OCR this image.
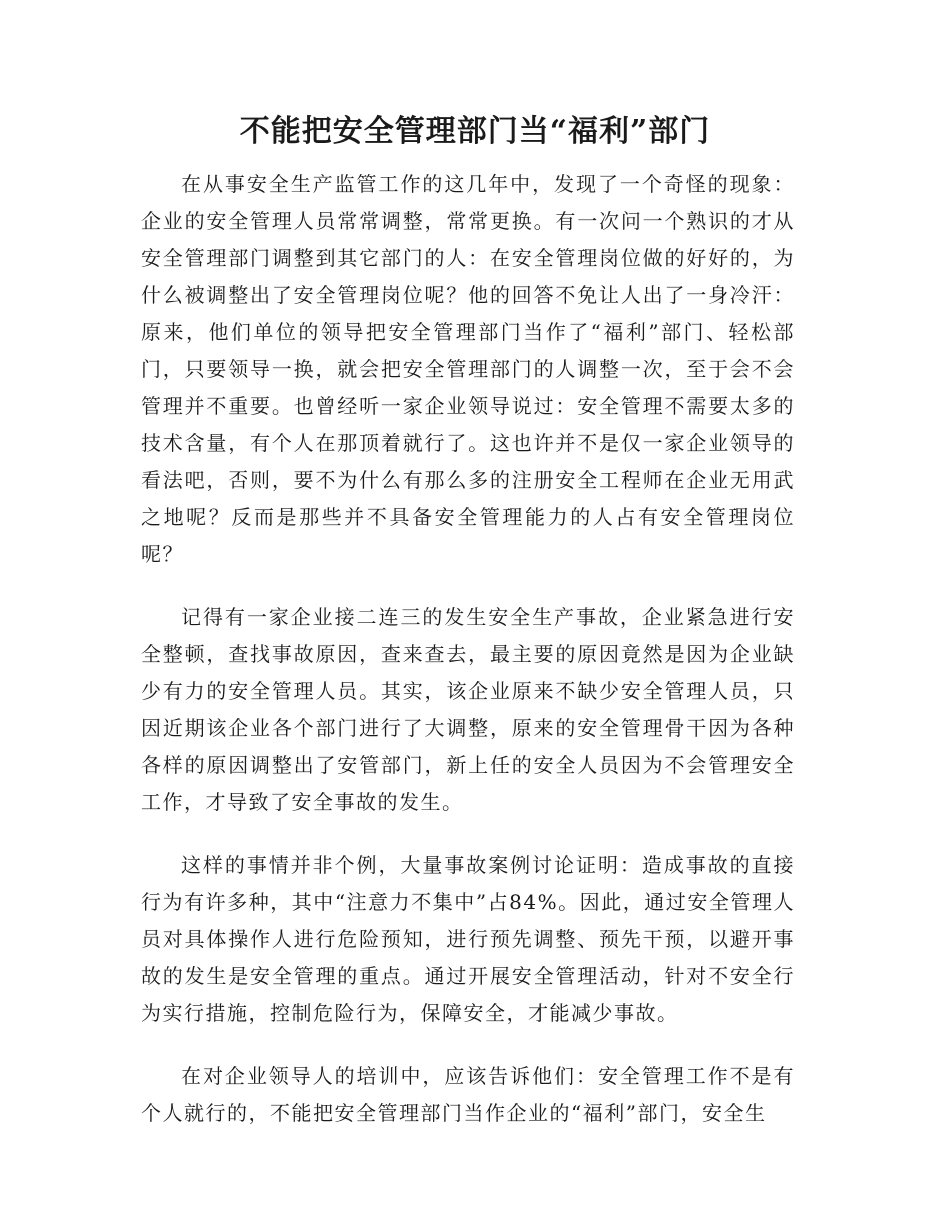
不能把安全管理部门当“福利”部门

在从事安全生产监管工作的这几年中，发现了一个奇怪的现象：企业的安全管理人员常常调整，常常更换。有一次问一个熟识的才从安全管理部门调整到其它部门的人：在安全管理岗位做的好好的，为什么被调整出了安全管理岗位呢？他的回答不免让人出了一身冷汗：原来，他们单位的领导把安全管理部门当作了“福利”部门、轻松部门，只要领导一换，就会把安全管理部门的人调整一次，至于会不会管理并不重要。也曾经听一家企业领导说过：安全管理不需要太多的技术含量，有个人在那顶着就行了。这也许并不是仅一家企业领导的看法吧，否则，要不为什么有那么多的注册安全工程师在企业无用武之地呢？反而是那些并不具备安全管理能力的人占有安全管理岗位呢？

记得有一家企业接二连三的发生安全生产事故，企业紧急进行安全整顿，查找事故原因，查来查去，最主要的原因竟然是因为企业缺少有力的安全管理人员。其实，该企业原来不缺少安全管理人员，只因近期该企业各个部门进行了大调整，原来的安全管理骨干因为各种各样的原因调整出了安管部门，新上任的安全人员因为不会管理安全工作，才导致了安全事故的发生。

这样的事情并非个例，大量事故案例讨论证明：造成事故的直接行为有许多种，其中“注意力不集中”占84%。因此，通过安全管理人员对具体操作人进行危险预知，进行预先调整、预先干预，以避开事故的发生是安全管理的重点。通过开展安全管理活动，针对不安全行为实行措施，控制危险行为，保障安全，才能减少事故。

在对企业领导人的培训中，应该告诉他们：安全管理工作不是有个人就行的，不能把安全管理部门当作企业的“福利”部门，安全生
